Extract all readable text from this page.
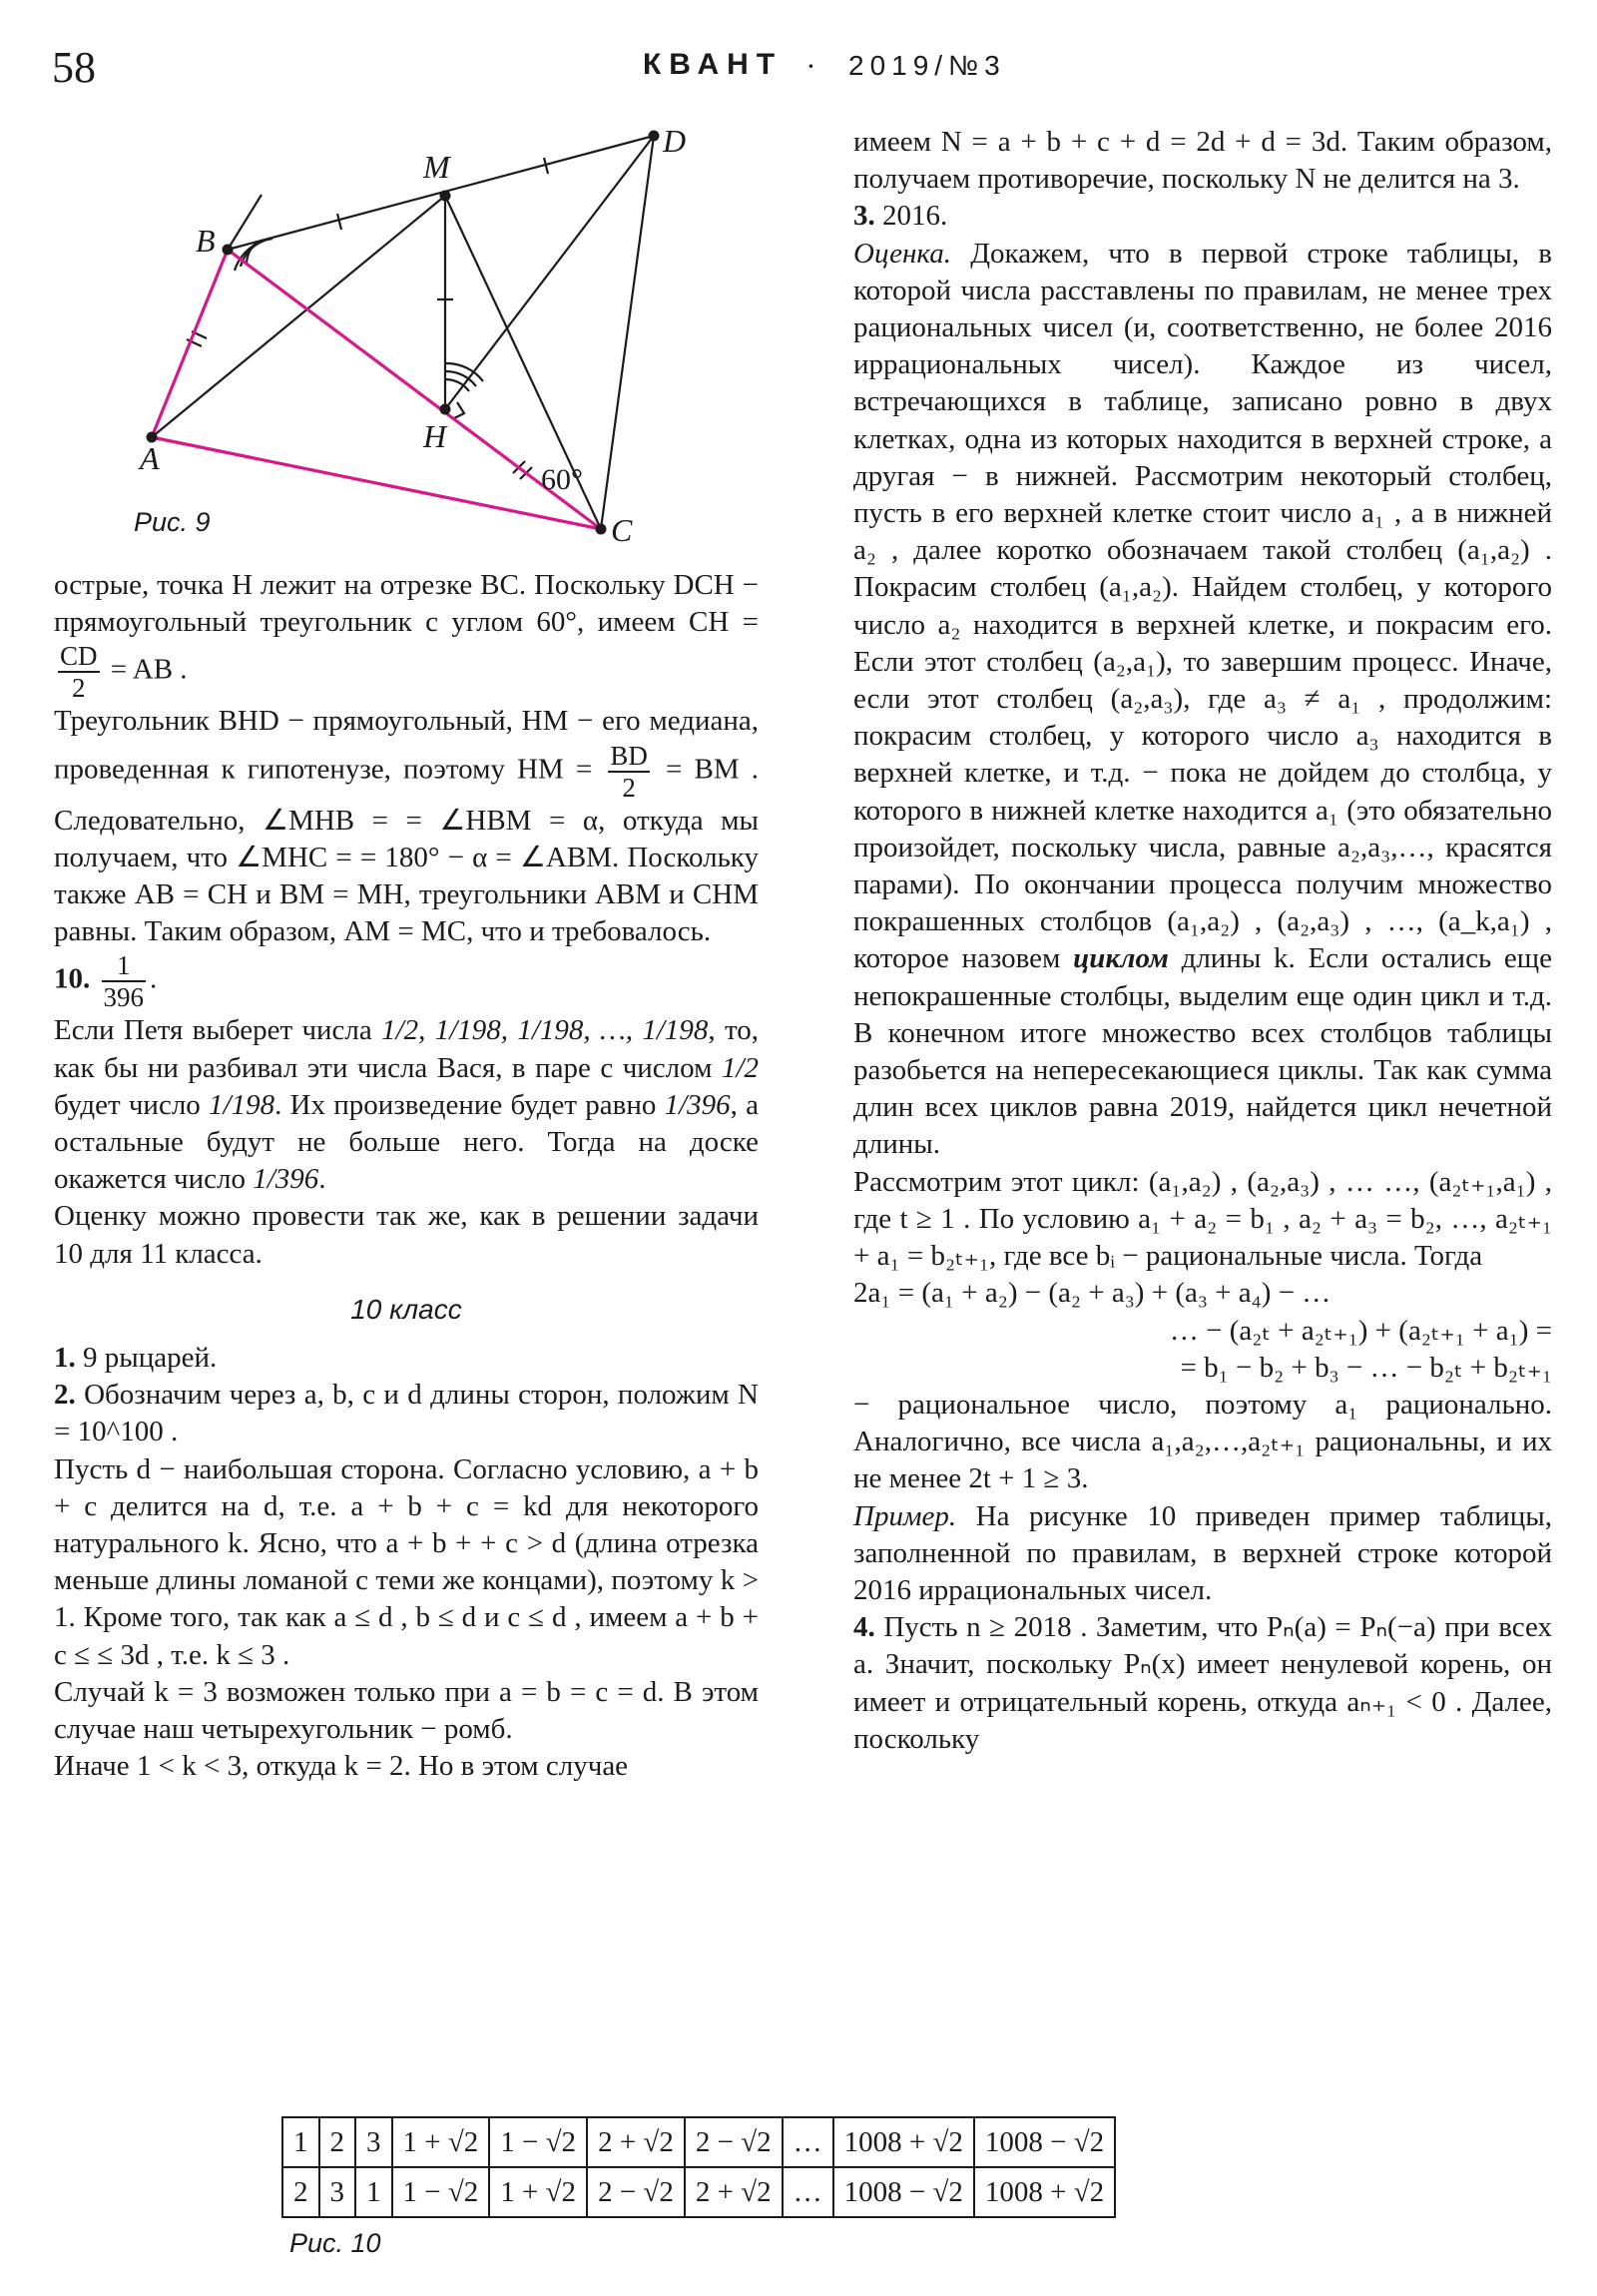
58	КВАНТ · 2019/№3
A
B
C
D
M
H
60°
Рис. 9

острые, точка H лежит на отрезке BC. Поскольку DCH − прямоугольный треугольник с углом 60°, имеем CH =
$\frac{CD}{2}$ = AB .

Треугольник BHD − прямоугольный, HM − его медиана, проведенная к гипотенузе, поэтому HM = $\frac{BD}{2}$ = BM . Следовательно, ∠MHB = = ∠HBM = α, откуда мы получаем, что ∠MHC = = 180° − α = ∠ABM. Поскольку также AB = CH и BM = MH, треугольники ABM и CHM равны. Таким образом, AM = MC, что и требовалось.

10. $\frac{1}{396}$ .

Если Петя выберет числа 1/2, 1/198, 1/198, …, 1/198, то, как бы ни разбивал эти числа Вася, в паре с числом 1/2 будет число 1/198. Их произведение будет равно 1/396, а остальные будут не больше него. Тогда на доске окажется число 1/396.

Оценку можно провести так же, как в решении задачи 10 для 11 класса.

10 класс

1. 9 рыцарей.

2. Обозначим через a, b, c и d длины сторон, положим N = 10^100 .

Пусть d − наибольшая сторона. Согласно условию, a + b + c делится на d, т.е. a + b + c = kd для некоторого натурального k. Ясно, что a + b + + c > d (длина отрезка меньше длины ломаной с теми же концами), поэтому k > 1. Кроме того, так как a ≤ d , b ≤ d и c ≤ d , имеем a + b + c ≤ ≤ 3d , т.е. k ≤ 3 .

Случай k = 3 возможен только при a = b = c = d. В этом случае наш четырехугольник − ромб.

Иначе 1 < k < 3, откуда k = 2. Но в этом случае

имеем N = a + b + c + d = 2d + d = 3d. Таким образом, получаем противоречие, поскольку N не делится на 3.

3. 2016.

Оценка. Докажем, что в первой строке таблицы, в которой числа расставлены по правилам, не менее трех рациональных чисел (и, соответственно, не более 2016 иррациональных чисел). Каждое из чисел, встречающихся в таблице, записано ровно в двух клетках, одна из которых находится в верхней строке, а другая − в нижней. Рассмотрим некоторый столбец, пусть в его верхней клетке стоит число a₁ , а в нижней a₂ , далее коротко обозначаем такой столбец (a₁,a₂) . Покрасим столбец (a₁,a₂). Найдем столбец, у которого число a₂ находится в верхней клетке, и покрасим его. Если этот столбец (a₂,a₁), то завершим процесс. Иначе, если этот столбец (a₂,a₃), где a₃ ≠ a₁ , продолжим: покрасим столбец, у которого число a₃ находится в верхней клетке, и т.д. − пока не дойдем до столбца, у которого в нижней клетке находится a₁ (это обязательно произойдет, поскольку числа, равные a₂,a₃,…, красятся парами). По окончании процесса получим множество покрашенных столбцов (a₁,a₂) , (a₂,a₃) , …, (a_k,a₁) , которое назовем циклом длины k. Если остались еще непокрашенные столбцы, выделим еще один цикл и т.д. В конечном итоге множество всех столбцов таблицы разобьется на непересекающиеся циклы. Так как сумма длин всех циклов равна 2019, найдется цикл нечетной длины.

Рассмотрим этот цикл: (a₁,a₂) , (a₂,a₃) , … …, (a₂ₜ₊₁,a₁) , где t ≥ 1 . По условию a₁ + a₂ = b₁ , a₂ + a₃ = b₂, …, a₂ₜ₊₁ + a₁ = b₂ₜ₊₁, где все bᵢ − рациональные числа. Тогда

2a₁ = (a₁ + a₂) − (a₂ + a₃) + (a₃ + a₄) − …

… − (a₂ₜ + a₂ₜ₊₁) + (a₂ₜ₊₁ + a₁) =

= b₁ − b₂ + b₃ − … − b₂ₜ + b₂ₜ₊₁

− рациональное число, поэтому a₁ рационально. Аналогично, все числа a₁,a₂,…,a₂ₜ₊₁ рациональны, и их не менее 2t + 1 ≥ 3.

Пример. На рисунке 10 приведен пример таблицы, заполненной по правилам, в верхней строке которой 2016 иррациональных чисел.

4. Пусть n ≥ 2018 . Заметим, что Pₙ(a) = Pₙ(−a) при всех a. Значит, поскольку Pₙ(x) имеет ненулевой корень, он имеет и отрицательный корень, откуда aₙ₊₁ < 0 . Далее, поскольку

1	2	3	1 + √2	1 − √2	2 + √2	2 − √2	…	1008 + √2	1008 − √2
2	3	1	1 − √2	1 + √2	2 − √2	2 + √2	…	1008 − √2	1008 + √2
Рис. 10
